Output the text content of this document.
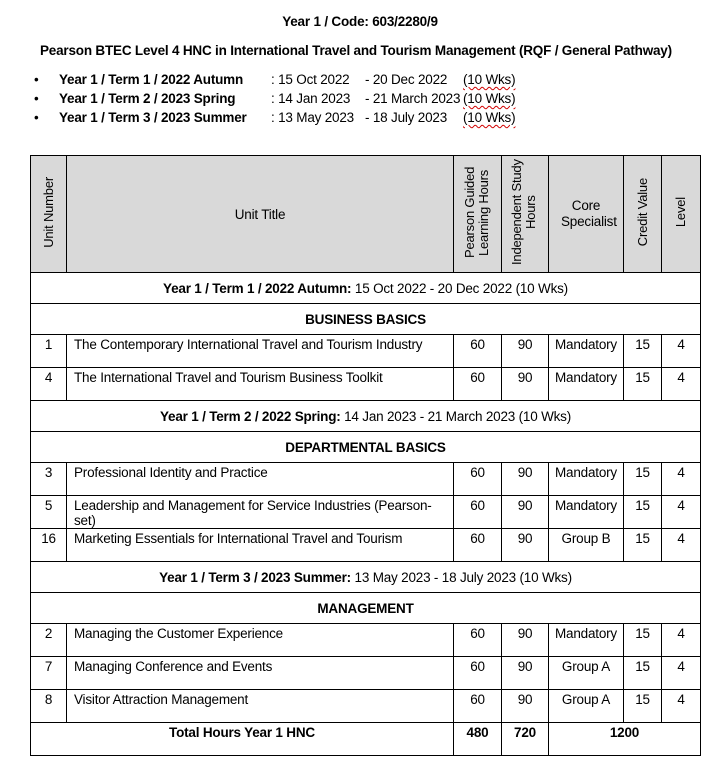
Year 1 / Code: 603/2280/9
Pearson BTEC Level 4 HNC in International Travel and Tourism Management (RQF / General Pathway)
• Year 1 / Term 1 / 2022 Autumn : 15 Oct 2022 - 20 Dec 2022 (10 Wks)
• Year 1 / Term 2 / 2023 Spring	: 14 Jan 2023 - 21 March 2023 (10 Wks)
• Year 1 / Term 3 / 2023 Summer : 13 May 2023 - 18 July 2023 (10 Wks)
Unit Number	Unit Title	Pearson Guided Learning Hours	Independent Study Hours	Core Specialist	Credit Value	Level
Year 1 / Term 1 / 2022 Autumn: 15 Oct 2022 - 20 Dec 2022 (10 Wks)						
BUSINESS BASICS						
1	The Contemporary International Travel and Tourism Industry	60	90	Mandatory	15	4
4	The International Travel and Tourism Business Toolkit	60	90	Mandatory	15	4
Year 1 / Term 2 / 2022 Spring: 14 Jan 2023 - 21 March 2023 (10 Wks)						
DEPARTMENTAL BASICS						
3	Professional Identity and Practice	60	90	Mandatory	15	4
5	Leadership and Management for Service Industries (Pearson-set)	60	90	Mandatory	15	4
16	Marketing Essentials for International Travel and Tourism	60	90	Group B	15	4
Year 1 / Term 3 / 2023 Summer: 13 May 2023 - 18 July 2023 (10 Wks)						
MANAGEMENT						
2	Managing the Customer Experience	60	90	Mandatory	15	4
7	Managing Conference and Events	60	90	Group A	15	4
8	Visitor Attraction Management	60	90	Group A	15	4
Total Hours Year 1 HNC		480	720	1200		
